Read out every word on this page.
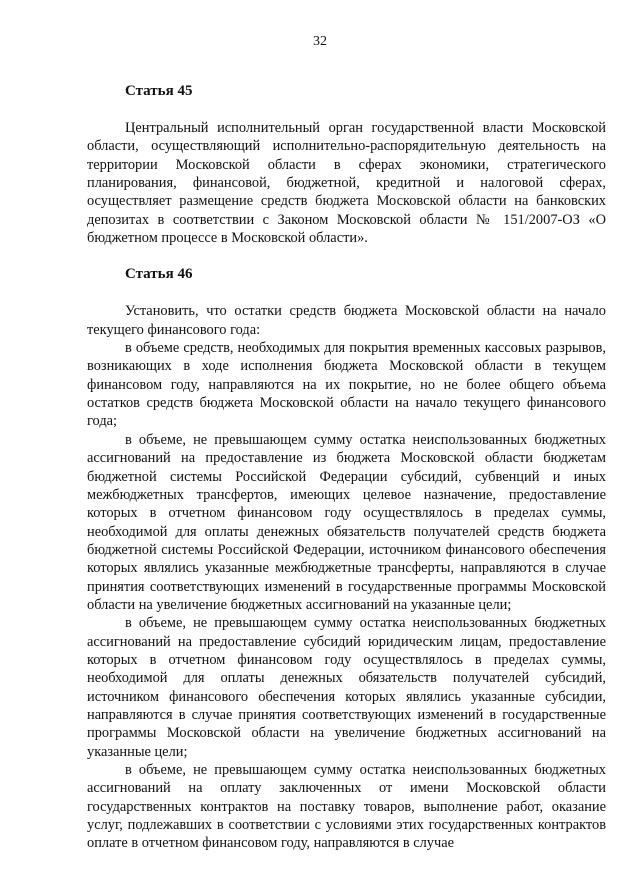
32
Статья 45

Центральный исполнительный орган государственной власти Московской области, осуществляющий исполнительно-распорядительную деятельность на территории Московской области в сферах экономики, стратегического планирования, финансовой, бюджетной, кредитной и налоговой сферах, осуществляет размещение средств бюджета Московской области на банковских депозитах в соответствии с Законом Московской области № 151/2007-ОЗ «О бюджетном процессе в Московской области».

Статья 46

Установить, что остатки средств бюджета Московской области на начало текущего финансового года:

в объеме средств, необходимых для покрытия временных кассовых разрывов, возникающих в ходе исполнения бюджета Московской области в текущем финансовом году, направляются на их покрытие, но не более общего объема остатков средств бюджета Московской области на начало текущего финансового года;

в объеме, не превышающем сумму остатка неиспользованных бюджетных ассигнований на предоставление из бюджета Московской области бюджетам бюджетной системы Российской Федерации субсидий, субвенций и иных межбюджетных трансфертов, имеющих целевое назначение, предоставление которых в отчетном финансовом году осуществлялось в пределах суммы, необходимой для оплаты денежных обязательств получателей средств бюджета бюджетной системы Российской Федерации, источником финансового обеспечения которых являлись указанные межбюджетные трансферты, направляются в случае принятия соответствующих изменений в государственные программы Московской области на увеличение бюджетных ассигнований на указанные цели;

в объеме, не превышающем сумму остатка неиспользованных бюджетных ассигнований на предоставление субсидий юридическим лицам, предоставление которых в отчетном финансовом году осуществлялось в пределах суммы, необходимой для оплаты денежных обязательств получателей субсидий, источником финансового обеспечения которых являлись указанные субсидии, направляются в случае принятия соответствующих изменений в государственные программы Московской области на увеличение бюджетных ассигнований на указанные цели;

в объеме, не превышающем сумму остатка неиспользованных бюджетных ассигнований на оплату заключенных от имени Московской области государственных контрактов на поставку товаров, выполнение работ, оказание услуг, подлежавших в соответствии с условиями этих государственных контрактов оплате в отчетном финансовом году, направляются в случае
